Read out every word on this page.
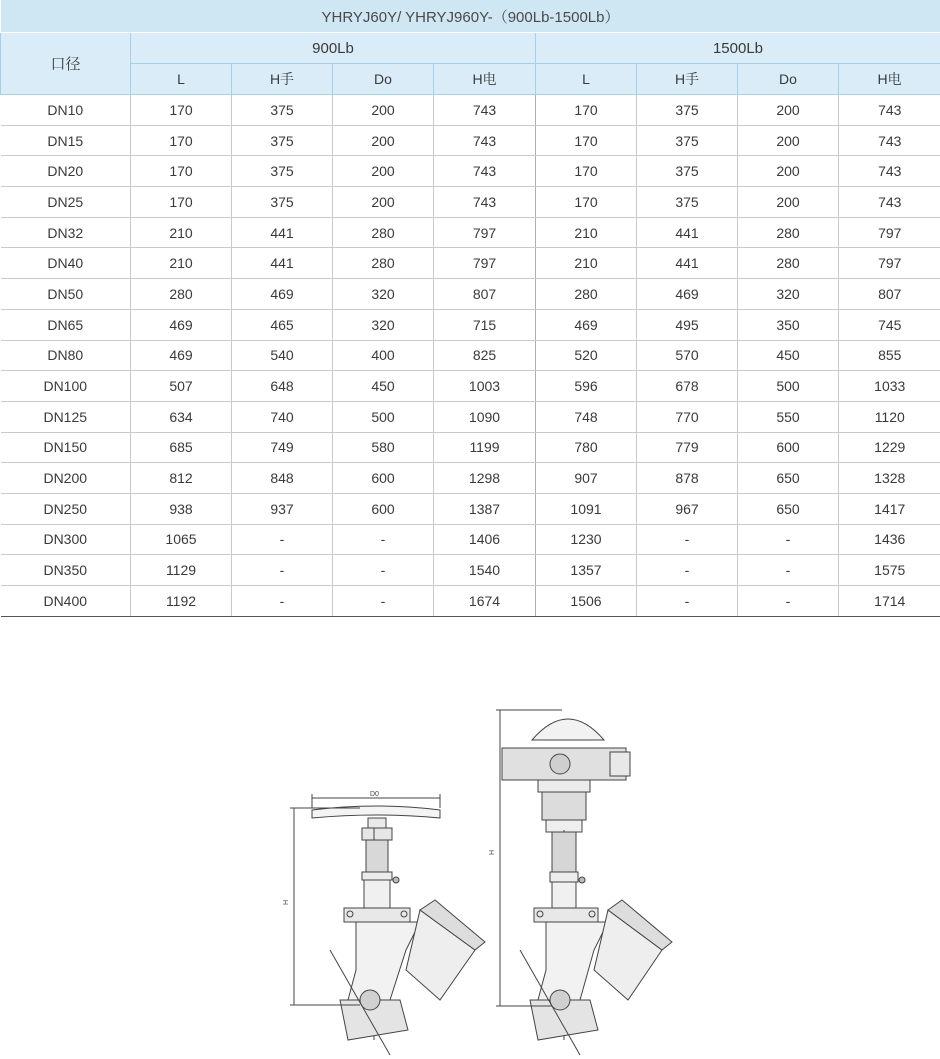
YHRYJ60Y/ YHRYJ960Y-（900Lb-1500Lb）								
口径	900Lb				1500Lb			
	L	H手	Do	H电	L	H手	Do	H电
DN10	170	375	200	743	170	375	200	743
DN15	170	375	200	743	170	375	200	743
DN20	170	375	200	743	170	375	200	743
DN25	170	375	200	743	170	375	200	743
DN32	210	441	280	797	210	441	280	797
DN40	210	441	280	797	210	441	280	797
DN50	280	469	320	807	280	469	320	807
DN65	469	465	320	715	469	495	350	745
DN80	469	540	400	825	520	570	450	855
DN100	507	648	450	1003	596	678	500	1033
DN125	634	740	500	1090	748	770	550	1120
DN150	685	749	580	1199	780	779	600	1229
DN200	812	848	600	1298	907	878	650	1328
DN250	938	937	600	1387	1091	967	650	1417
DN300	1065	-	-	1406	1230	-	-	1436
DN350	1129	-	-	1540	1357	-	-	1575
DN400	1192	-	-	1674	1506	-	-	1714
D0
H
H
